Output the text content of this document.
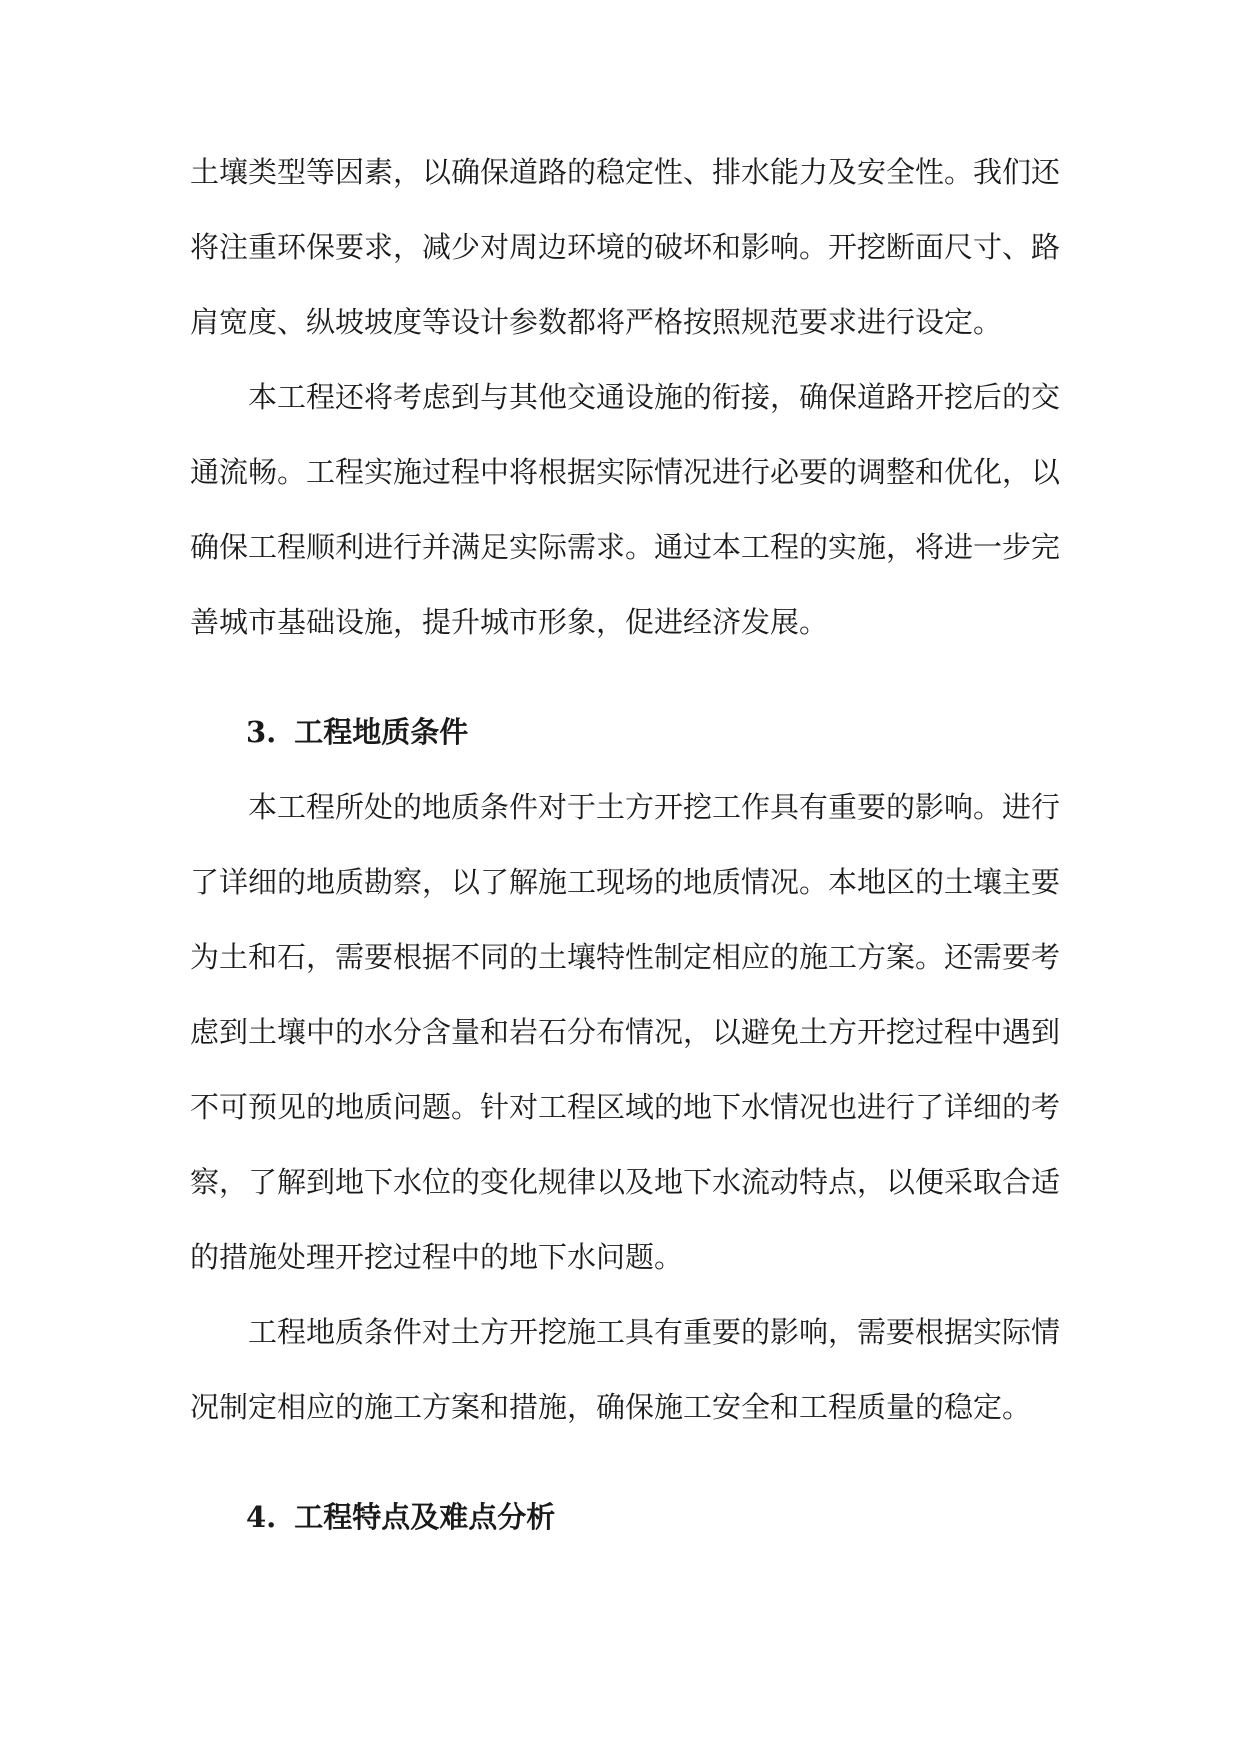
土壤类型等因素，以确保道路的稳定性、排水能力及安全性。我们还
将注重环保要求，减少对周边环境的破坏和影响。开挖断面尺寸、路
肩宽度、纵坡坡度等设计参数都将严格按照规范要求进行设定。
　　本工程还将考虑到与其他交通设施的衔接，确保道路开挖后的交
通流畅。工程实施过程中将根据实际情况进行必要的调整和优化，以
确保工程顺利进行并满足实际需求。通过本工程的实施，将进一步完
善城市基础设施，提升城市形象，促进经济发展。
3. 工程地质条件
　　本工程所处的地质条件对于土方开挖工作具有重要的影响。进行
了详细的地质勘察，以了解施工现场的地质情况。本地区的土壤主要
为土和石，需要根据不同的土壤特性制定相应的施工方案。还需要考
虑到土壤中的水分含量和岩石分布情况，以避免土方开挖过程中遇到
不可预见的地质问题。针对工程区域的地下水情况也进行了详细的考
察，了解到地下水位的变化规律以及地下水流动特点，以便采取合适
的措施处理开挖过程中的地下水问题。
　　工程地质条件对土方开挖施工具有重要的影响，需要根据实际情
况制定相应的施工方案和措施，确保施工安全和工程质量的稳定。
4. 工程特点及难点分析
